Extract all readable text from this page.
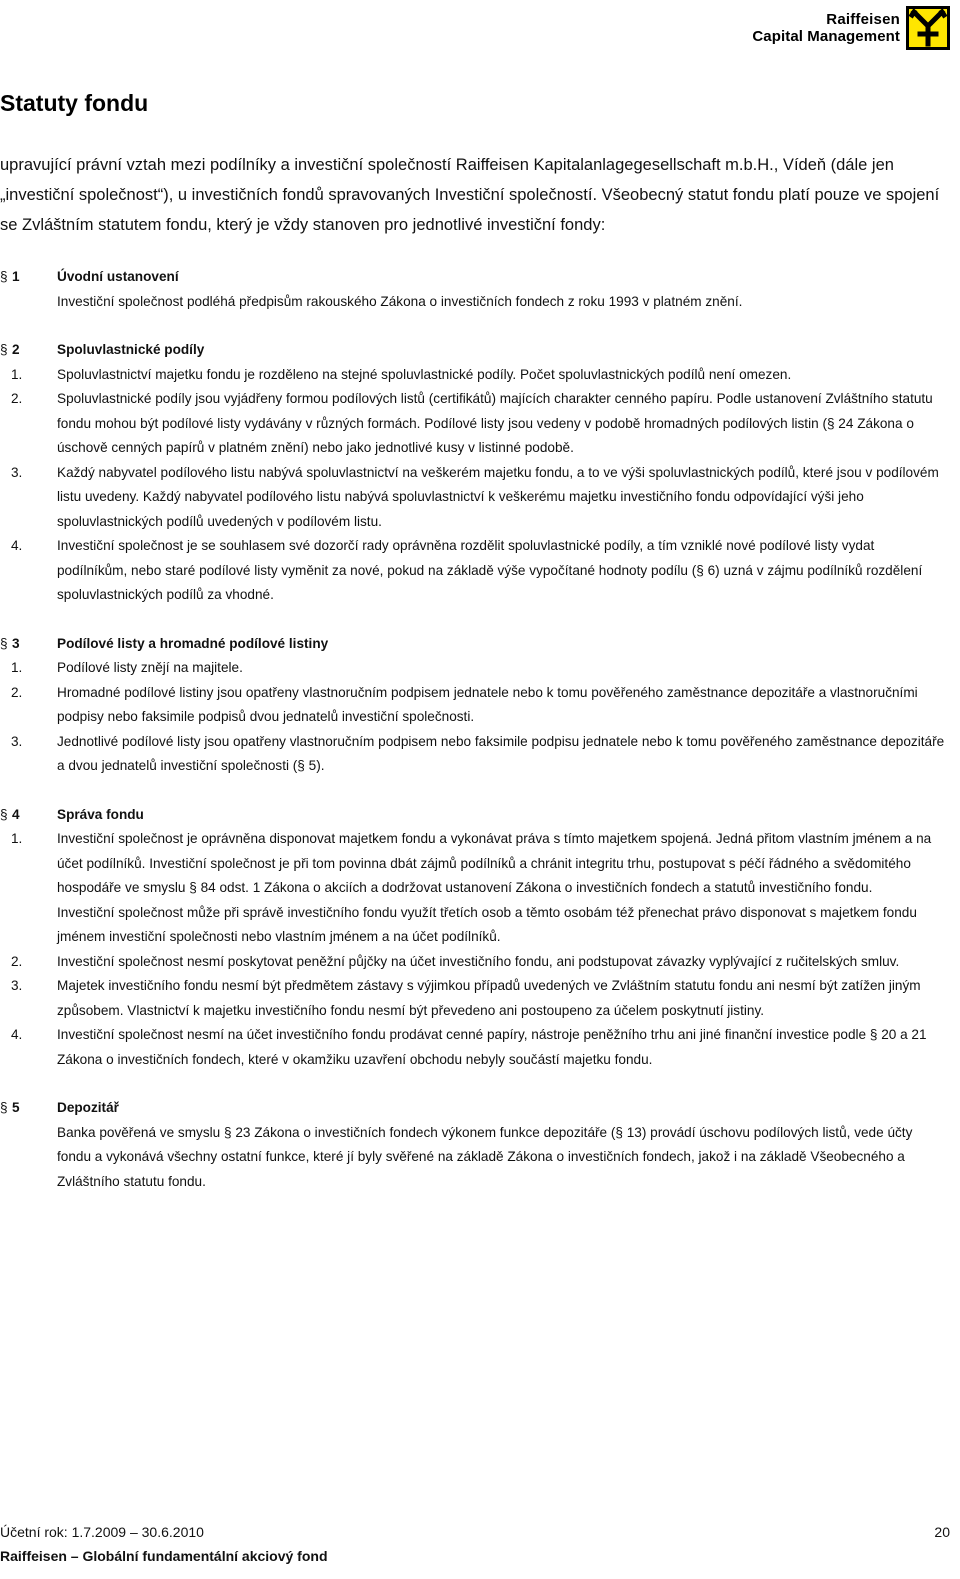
Raiffeisen
Capital Management
Statuty fondu

upravující právní vztah mezi podílníky a investiční společností Raiffeisen Kapitalanlagegesellschaft m.b.H., Vídeň (dále jen „investiční společnost“), u investičních fondů spravovaných Investiční společností. Všeobecný statut fondu platí pouze ve spojení se Zvláštním statutem fondu, který je vždy stanoven pro jednotlivé investiční fondy:

§ 1	Úvodní ustanovení
Investiční společnost podléhá předpisům rakouského Zákona o investičních fondech z roku 1993 v platném znění.
§ 2	Spoluvlastnické podíly
1.	Spoluvlastnictví majetku fondu je rozděleno na stejné spoluvlastnické podíly. Počet spoluvlastnických podílů není omezen.
2.	Spoluvlastnické podíly jsou vyjádřeny formou podílových listů (certifikátů) majících charakter cenného papíru. Podle ustanovení Zvláštního statutu fondu mohou být podílové listy vydávány v různých formách. Podílové listy jsou vedeny v podobě hromadných podílových listin (§ 24 Zákona o úschově cenných papírů v platném znění) nebo jako jednotlivé kusy v listinné podobě.
3.	Každý nabyvatel podílového listu nabývá spoluvlastnictví na veškerém majetku fondu, a to ve výši spoluvlastnických podílů, které jsou v podílovém listu uvedeny. Každý nabyvatel podílového listu nabývá spoluvlastnictví k veškerému majetku investičního fondu odpovídající výši jeho spoluvlastnických podílů uvedených v podílovém listu.
4.	Investiční společnost je se souhlasem své dozorčí rady oprávněna rozdělit spoluvlastnické podíly, a tím vzniklé nové podílové listy vydat podílníkům, nebo staré podílové listy vyměnit za nové, pokud na základě výše vypočítané hodnoty podílu (§ 6) uzná v zájmu podílníků rozdělení spoluvlastnických podílů za vhodné.
§ 3	Podílové listy a hromadné podílové listiny
1.	Podílové listy znějí na majitele.
2.	Hromadné podílové listiny jsou opatřeny vlastnoručním podpisem jednatele nebo k tomu pověřeného zaměstnance depozitáře a vlastnoručními podpisy nebo faksimile podpisů dvou jednatelů investiční společnosti.
3.	Jednotlivé podílové listy jsou opatřeny vlastnoručním podpisem nebo faksimile podpisu jednatele nebo k tomu pověřeného zaměstnance depozitáře a dvou jednatelů investiční společnosti (§ 5).
§ 4	Správa fondu
1.	Investiční společnost je oprávněna disponovat majetkem fondu a vykonávat práva s tímto majetkem spojená. Jedná přitom vlastním jménem a na účet podílníků. Investiční společnost je při tom povinna dbát zájmů podílníků a chránit integritu trhu, postupovat s péčí řádného a svědomitého hospodáře ve smyslu § 84 odst. 1 Zákona o akciích a dodržovat ustanovení Zákona o investičních fondech a statutů investičního fondu.
Investiční společnost může při správě investičního fondu využít třetích osob a těmto osobám též přenechat právo disponovat s majetkem fondu jménem investiční společnosti nebo vlastním jménem a na účet podílníků.
2.	Investiční společnost nesmí poskytovat peněžní půjčky na účet investičního fondu, ani podstupovat závazky vyplývající z ručitelských smluv.
3.	Majetek investičního fondu nesmí být předmětem zástavy s výjimkou případů uvedených ve Zvláštním statutu fondu ani nesmí být zatížen jiným způsobem. Vlastnictví k majetku investičního fondu nesmí být převedeno ani postoupeno za účelem poskytnutí jistiny.
4.	Investiční společnost nesmí na účet investičního fondu prodávat cenné papíry, nástroje peněžního trhu ani jiné finanční investice podle § 20 a 21 Zákona o investičních fondech, které v okamžiku uzavření obchodu nebyly součástí majetku fondu.
§ 5	Depozitář
Banka pověřená ve smyslu § 23 Zákona o investičních fondech výkonem funkce depozitáře (§ 13) provádí úschovu podílových listů, vede účty fondu a vykonává všechny ostatní funkce, které jí byly svěřené na základě Zákona o investičních fondech, jakož i na základě Všeobecného a Zvláštního statutu fondu.
Účetní rok: 1.7.2009 – 30.6.2010	20
Raiffeisen – Globální fundamentální akciový fond
